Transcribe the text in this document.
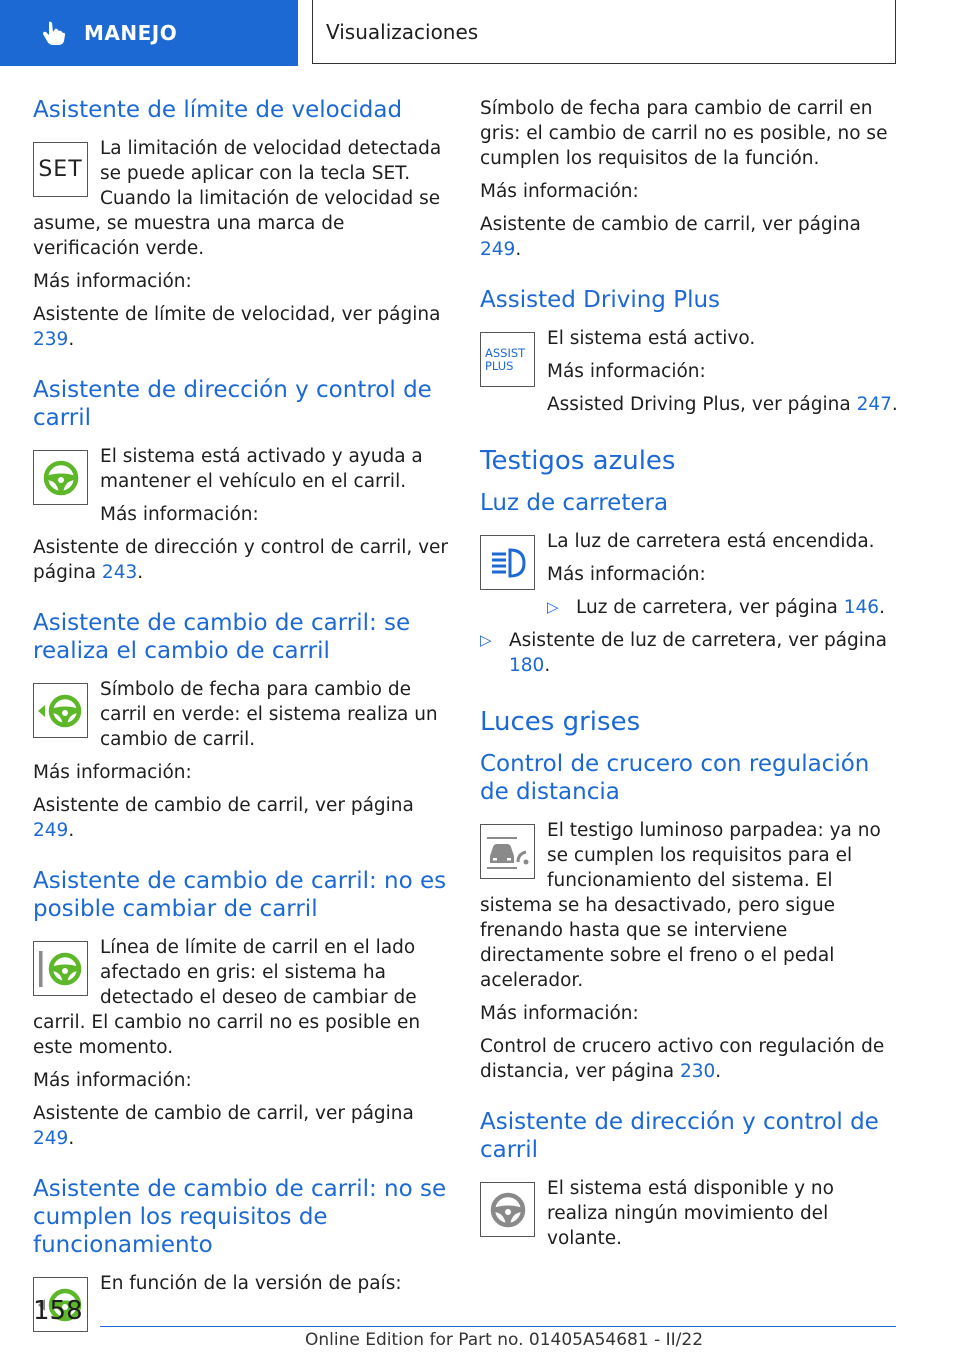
MANEJO	Visualizaciones
Asistente de límite de velocidad
SET

La limitación de velocidad detectada se puede aplicar con la tecla SET. Cuando la limitación de velocidad se asume, se muestra una marca de verificación verde.

Más información:

Asistente de límite de velocidad, ver página 239.

Asistente de dirección y control de carril

El sistema está activado y ayuda a mantener el vehículo en el carril.

Más información:

Asistente de dirección y control de carril, ver página 243.

Asistente de cambio de carril: se realiza el cambio de carril

Símbolo de fecha para cambio de carril en verde: el sistema realiza un cambio de carril.

Más información:

Asistente de cambio de carril, ver página 249.

Asistente de cambio de carril: no es posible cambiar de carril

Línea de límite de carril en el lado afectado en gris: el sistema ha detectado el deseo de cambiar de carril. El cambio no carril no es posible en este momento.

Más información:

Asistente de cambio de carril, ver página 249.

Asistente de cambio de carril: no se cumplen los requisitos de funcionamiento

En función de la versión de país:

Símbolo de fecha para cambio de carril en gris: el cambio de carril no es posible, no se cumplen los requisitos de la función.

Más información:

Asistente de cambio de carril, ver página 249.

Assisted Driving Plus
ASSIST
PLUS

El sistema está activo.

Más información:

Assisted Driving Plus, ver página 247.

Testigos azules
Luz de carretera

La luz de carretera está encendida.

Más información:

▷ Luz de carretera, ver página 146.
▷ Asistente de luz de carretera, ver página 180.
Luces grises
Control de crucero con regulación de distancia

El testigo luminoso parpadea: ya no se cumplen los requisitos para el funcionamiento del sistema. El sistema se ha desactivado, pero sigue frenando hasta que se interviene directamente sobre el freno o el pedal acelerador.

Más información:

Control de crucero activo con regulación de distancia, ver página 230.

Asistente de dirección y control de carril

El sistema está disponible y no realiza ningún movimiento del volante.

158
Online Edition for Part no. 01405A54681 - II/22
